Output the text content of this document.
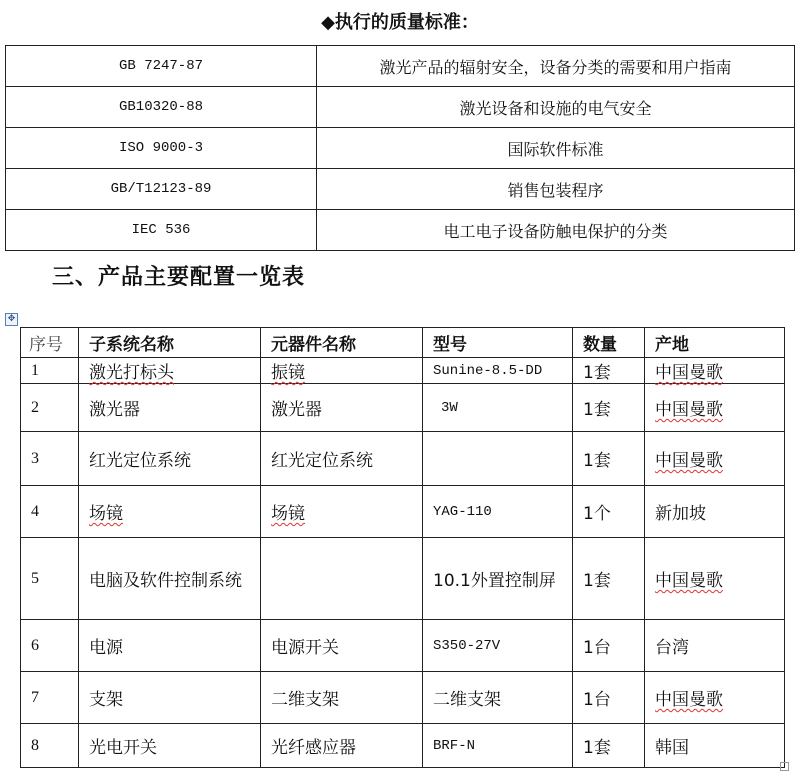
◆执行的质量标准：
GB 7247-87	激光产品的辐射安全，设备分类的需要和用户指南
GB10320-88	激光设备和设施的电气安全
ISO 9000-3	国际软件标准
GB/T12123-89	销售包装程序
IEC 536	电工电子设备防触电保护的分类
三、产品主要配置一览表
✥
序号	子系统名称	元器件名称	型号	数量	产地
1	激光打标头	振镜	Sunine-8.5-DD	1套	中国曼歌
2	激光器	激光器	3W	1套	中国曼歌
3	红光定位系统	红光定位系统		1套	中国曼歌
4	场镜	场镜	YAG-110	1个	新加坡
5	电脑及软件控制系统		10.1外置控制屏	1套	中国曼歌
6	电源	电源开关	S350-27V	1台	台湾
7	支架	二维支架	二维支架	1台	中国曼歌
8	光电开关	光纤感应器	BRF-N	1套	韩国
